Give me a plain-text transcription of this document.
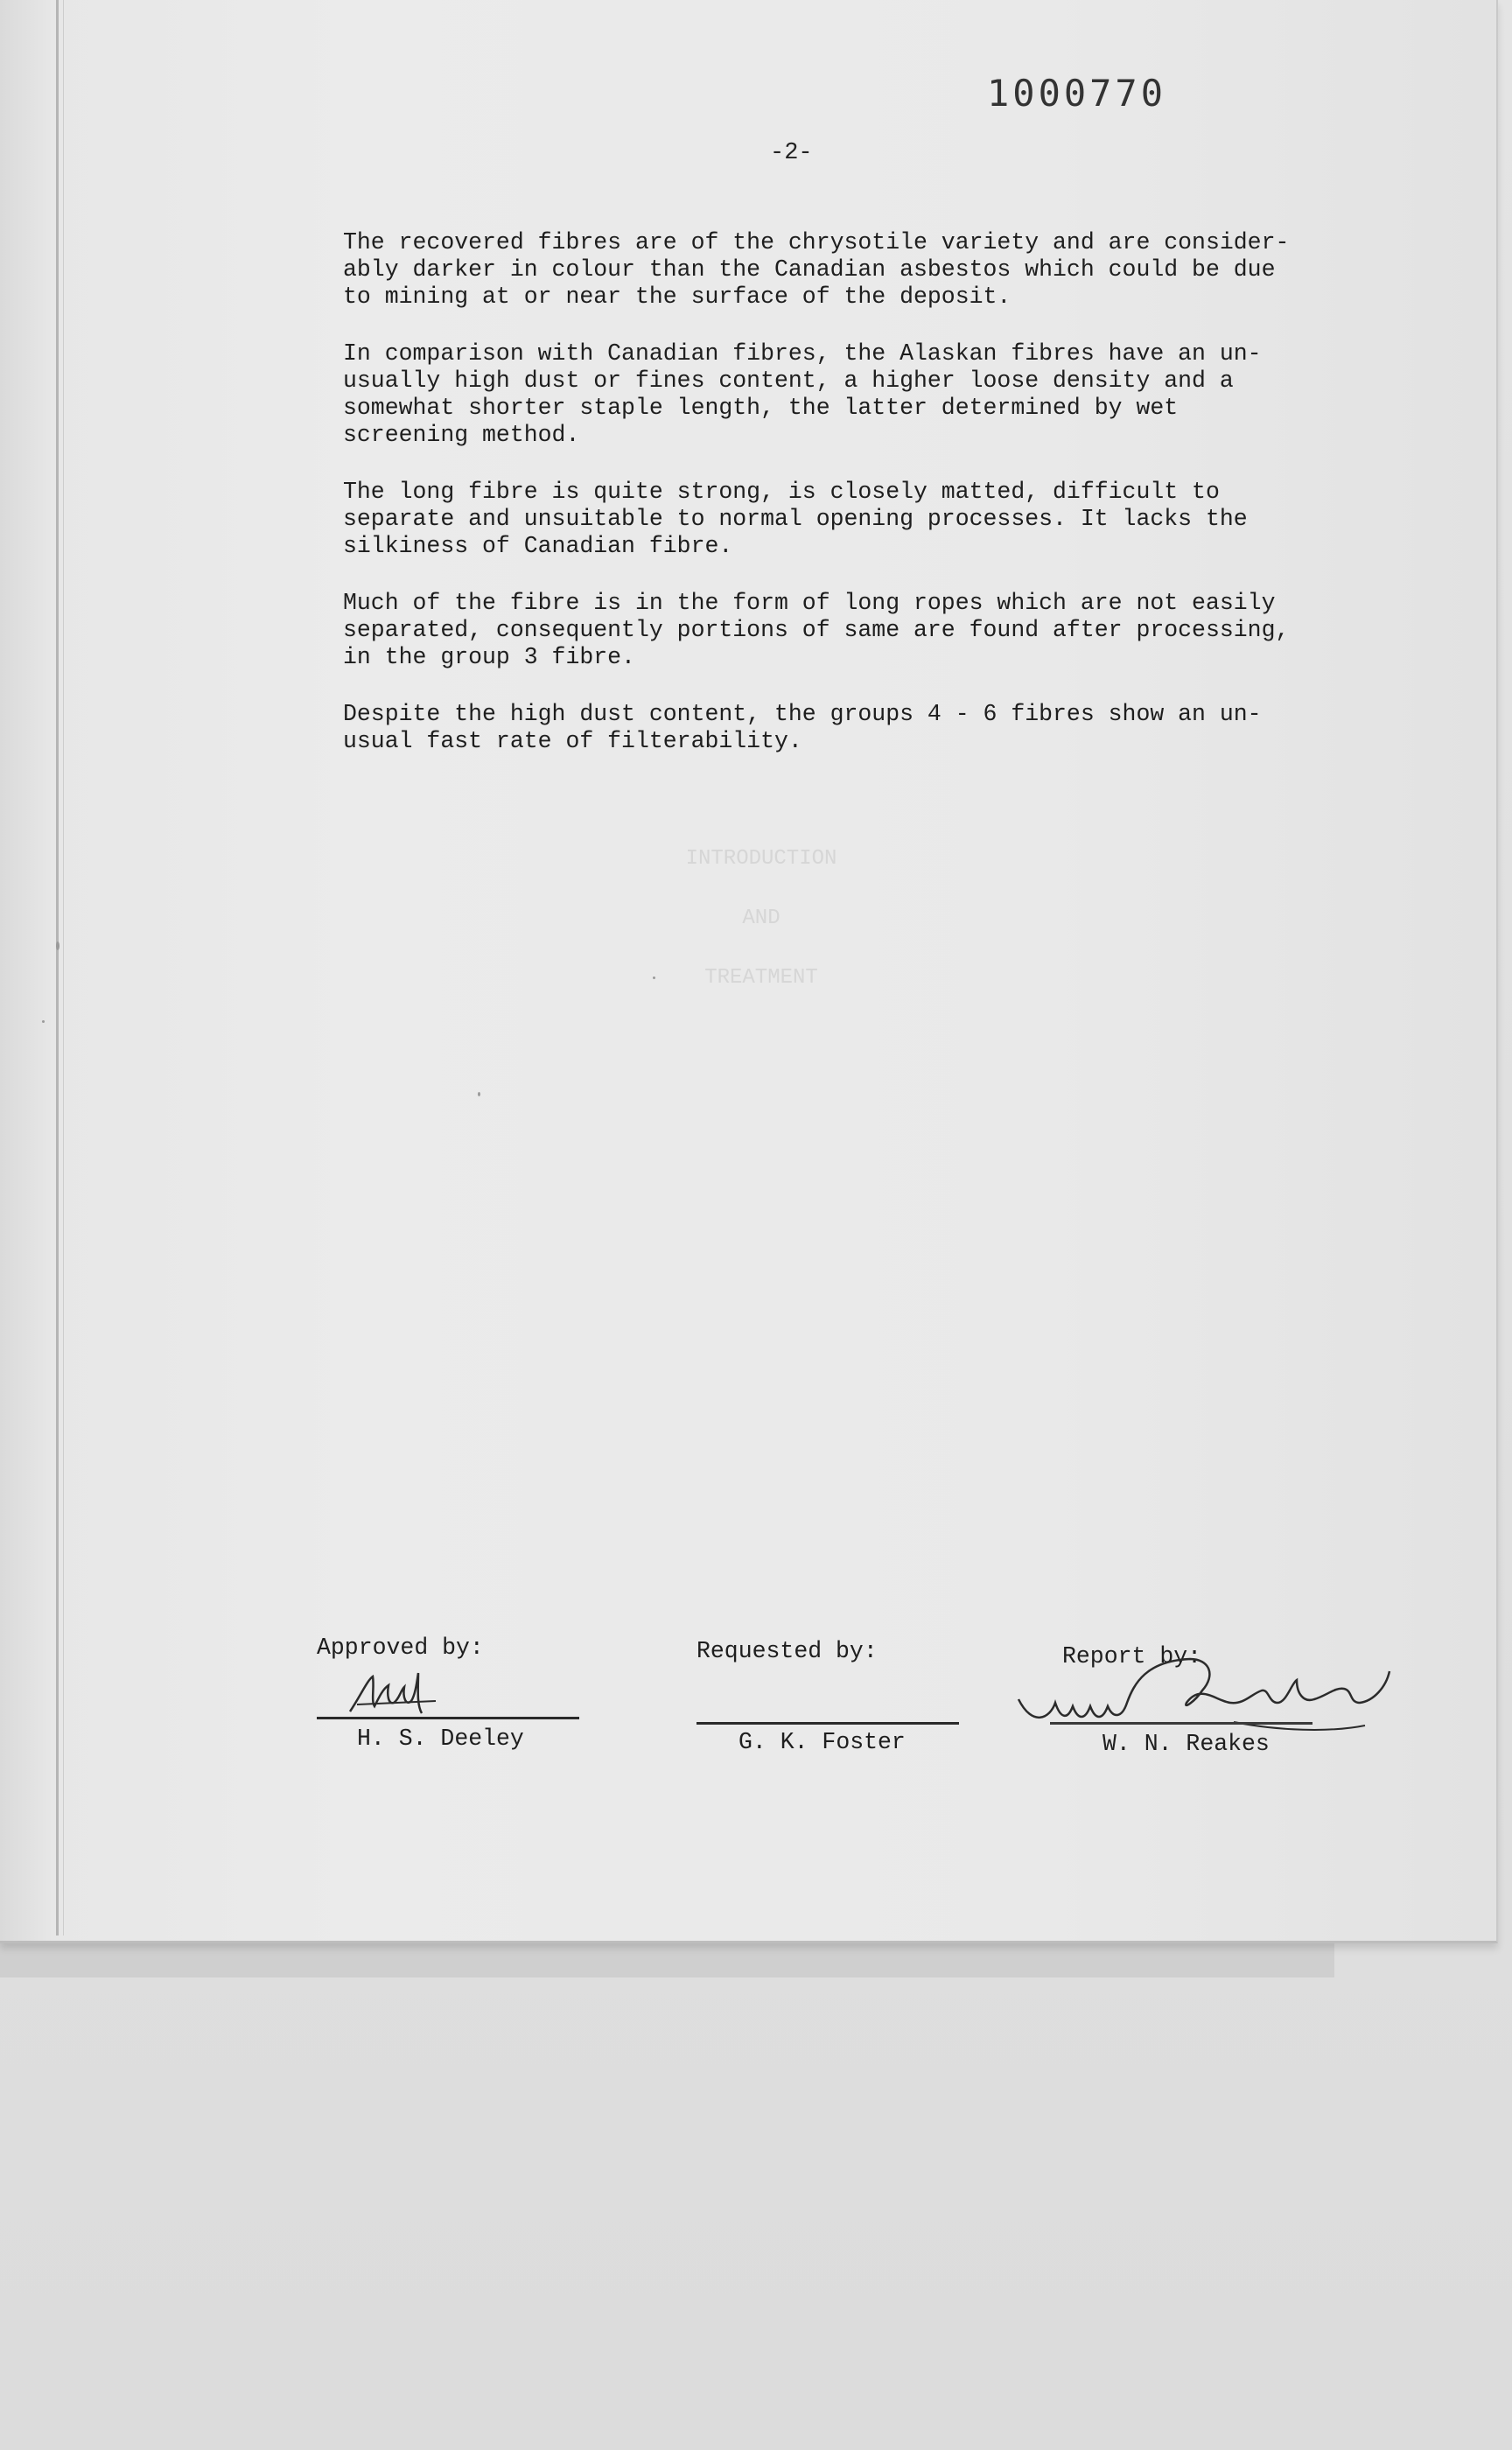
1000770
-2-

The recovered fibres are of the chrysotile variety and are consider-
ably darker in colour than the Canadian asbestos which could be due
to mining at or near the surface of the deposit.

In comparison with Canadian fibres, the Alaskan fibres have an un-
usually high dust or fines content, a higher loose density and a
somewhat shorter staple length, the latter determined by wet
screening method.

The long fibre is quite strong, is closely matted, difficult to
separate and unsuitable to normal opening processes. It lacks the
silkiness of Canadian fibre.

Much of the fibre is in the form of long ropes which are not easily
separated, consequently portions of same are found after processing,
in the group 3 fibre.

Despite the high dust content, the groups 4 - 6 fibres show an un-
usual fast rate of filterability.

INTRODUCTION
AND
TREATMENT
Approved by:
H. S. Deeley
Requested by:
G. K. Foster
Report by:
W. N. Reakes
